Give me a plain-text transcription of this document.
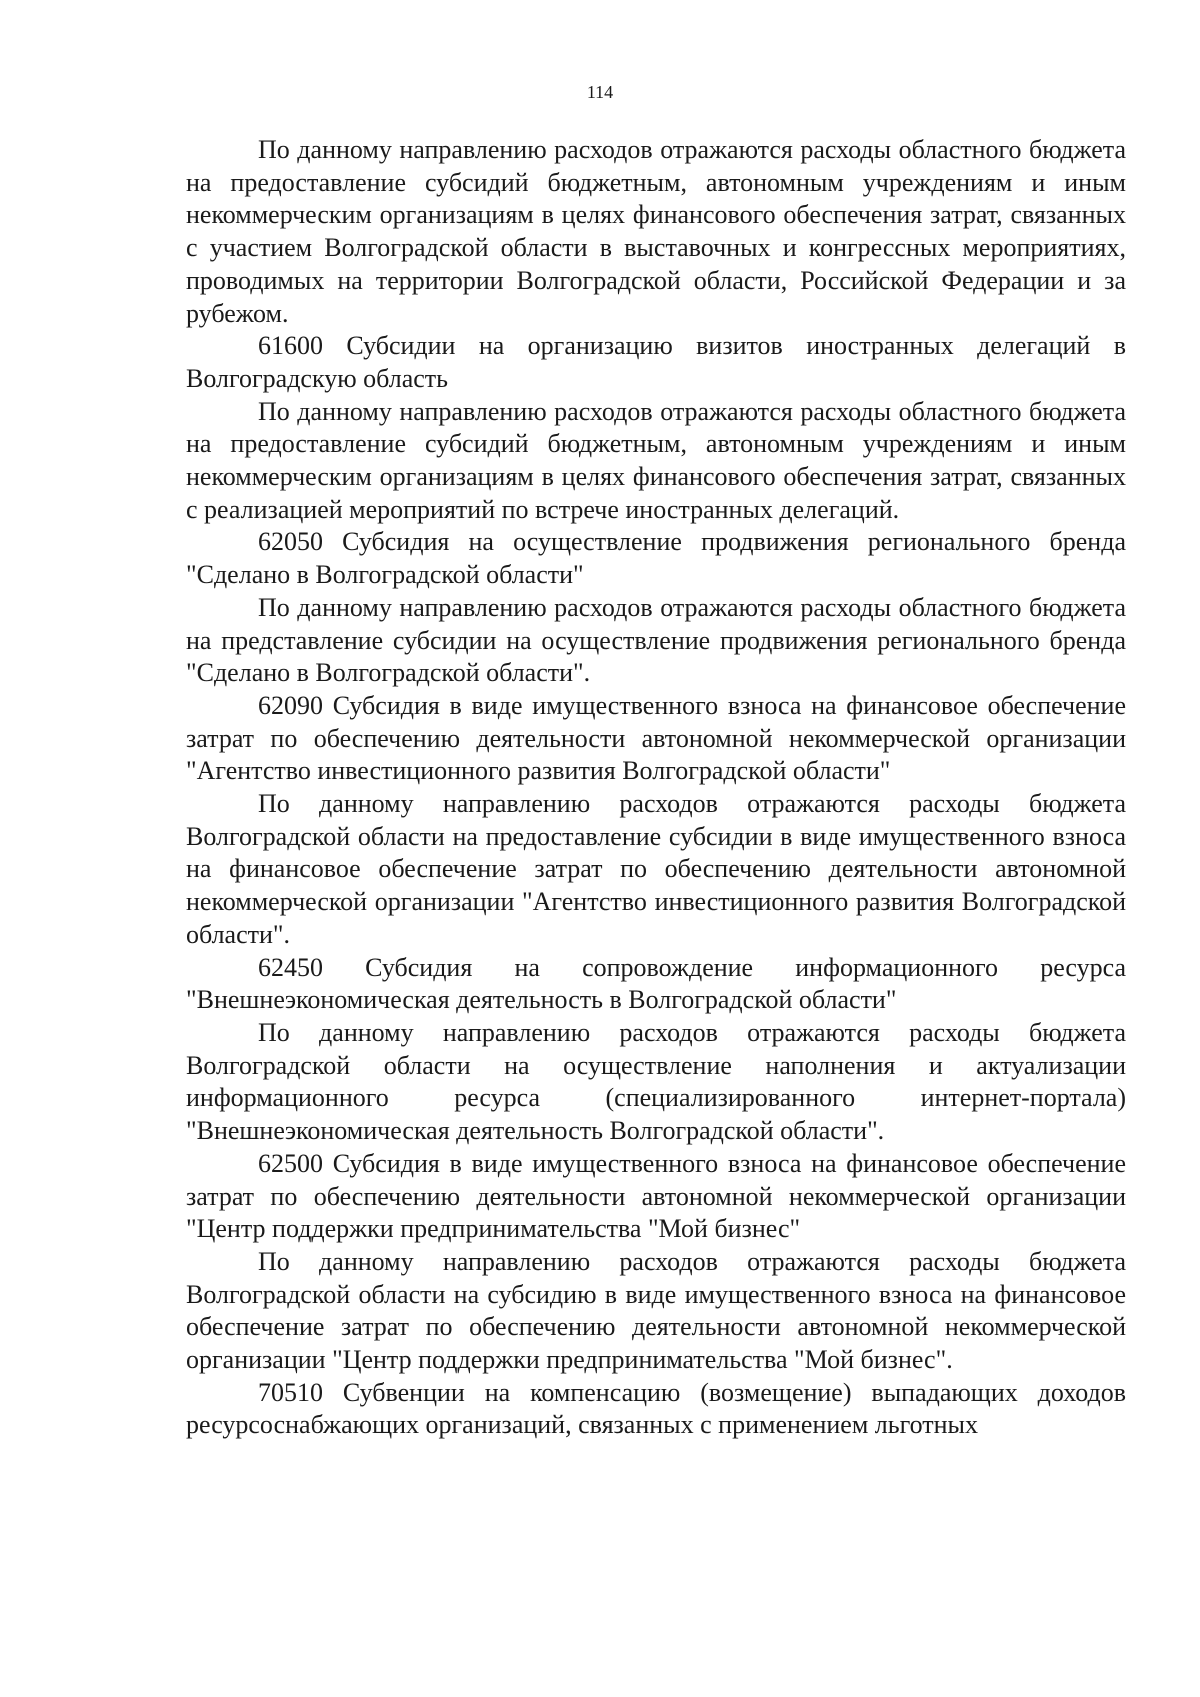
114

По данному направлению расходов отражаются расходы областного бюджета на предоставление субсидий бюджетным, автономным учреждениям и иным некоммерческим организациям в целях финансового обеспечения затрат, связанных с участием Волгоградской области в выставочных и конгрессных мероприятиях, проводимых на территории Волгоградской области, Российской Федерации и за рубежом.

61600 Субсидии на организацию визитов иностранных делегаций в Волгоградскую область

По данному направлению расходов отражаются расходы областного бюджета на предоставление субсидий бюджетным, автономным учреждениям и иным некоммерческим организациям в целях финансового обеспечения затрат, связанных с реализацией мероприятий по встрече иностранных делегаций.

62050 Субсидия на осуществление продвижения регионального бренда "Сделано в Волгоградской области"

По данному направлению расходов отражаются расходы областного бюджета на представление субсидии на осуществление продвижения регионального бренда "Сделано в Волгоградской области".

62090 Субсидия в виде имущественного взноса на финансовое обеспечение затрат по обеспечению деятельности автономной некоммерческой организации "Агентство инвестиционного развития Волгоградской области"

По данному направлению расходов отражаются расходы бюджета Волгоградской области на предоставление субсидии в виде имущественного взноса на финансовое обеспечение затрат по обеспечению деятельности автономной некоммерческой организации "Агентство инвестиционного развития Волгоградской области".

62450 Субсидия на сопровождение информационного ресурса "Внешнеэкономическая деятельность в Волгоградской области"

По данному направлению расходов отражаются расходы бюджета Волгоградской области на осуществление наполнения и актуализации информационного ресурса (специализированного интернет-портала) "Внешнеэкономическая деятельность Волгоградской области".

62500 Субсидия в виде имущественного взноса на финансовое обеспечение затрат по обеспечению деятельности автономной некоммерческой организации "Центр поддержки предпринимательства "Мой бизнес"

По данному направлению расходов отражаются расходы бюджета Волгоградской области на субсидию в виде имущественного взноса на финансовое обеспечение затрат по обеспечению деятельности автономной некоммерческой организации "Центр поддержки предпринимательства "Мой бизнес".

70510 Субвенции на компенсацию (возмещение) выпадающих доходов ресурсоснабжающих организаций, связанных с применением льготных
